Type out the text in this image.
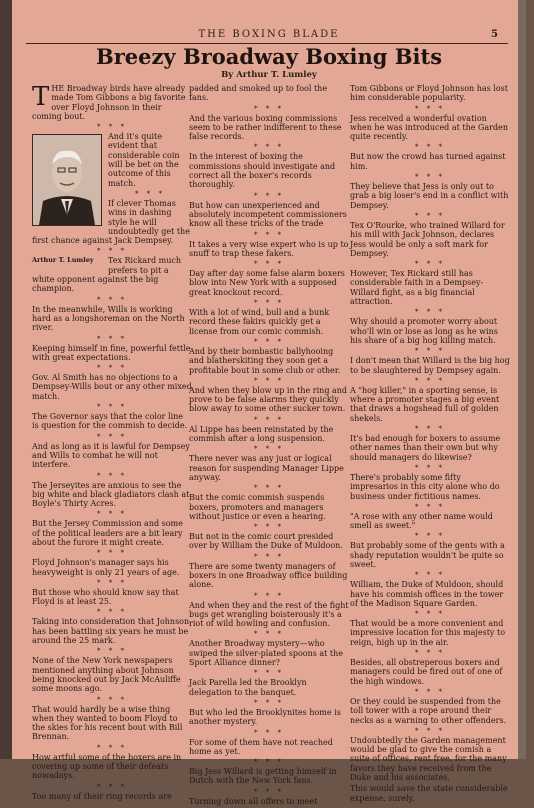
THE BOXING BLADE	5
Breezy Broadway Boxing Bits
By Arthur T. Lumley

THE Broadway birds have already made Tom Gibbons a big favorite over Floyd Johnson in their coming bout.

* * *

And it's quite evident that considerable coin will be bet on the outcome of this match.

* * *

If clever Thomas wins in dashing style he will undoubtedly get the first chance against Jack Dempsey.

* * *
Arthur T. Lumley	Tex Rickard much prefers to pit a white opponent against the big champion.

* * *

In the meanwhile, Wills is working hard as a longshoreman on the North river.

* * *

Keeping himself in fine, powerful fettle with great expectations.

* * *

Gov. Al Smith has no objections to a Dempsey-Wills bout or any other mixed match.

* * *

The Governor says that the color line is question for the commish to decide.

* * *

And as long as it is lawful for Dempsey and Wills to combat he will not interfere.

* * *

The Jerseyites are anxious to see the big white and black gladiators clash at Boyle's Thirty Acres.

* * *

But the Jersey Commission and some of the political leaders are a bit leary about the furore it might create.

* * *

Floyd Johnson's manager says his heavyweight is only 21 years of age.

* * *

But those who should know say that Floyd is at least 25.

* * *

Taking into consideration that Johnson has been battling six years he must be around the 25 mark.

* * *

None of the New York newspapers mentioned anything about Johnson being knocked out by Jack McAuliffe some moons ago.

* * *

That would hardly be a wise thing when they wanted to boom Floyd to the skies for his recent bout with Bill Brennan.

* * *

How artful some of the boxers are in covering up some of their defeats nowadays.

* * *

Too many of their ring records are

padded and smoked up to fool the fans.

* * *

And the various boxing commissions seem to be rather indifferent to these false records.

* * *

In the interest of boxing the commissions should investigate and correct all the boxer's records thoroughly.

* * *

But how can unexperienced and absolutely incompetent commissioners know all these tricks of the trade

* * *

It takes a very wise expert who is up to snuff to trap these fakers.

* * *

Day after day some false alarm boxers blow into New York with a supposed great knockout record.

* * *

With a lot of wind, bull and a bunk record these fakirs quickly get a license from our comic commish.

* * *

And by their bombastic ballyhooing and blatherskiting they soon get a profitable bout in some club or other.

* * *

And when they blow up in the ring and prove to be false alarms they quickly blow away to some other sucker town.

* * *

Al Lippe has been reinstated by the commish after a long suspension.

* * *

There never was any just or logical reason for suspending Manager Lippe anyway.

* * *

But the comic commish suspends boxers, promoters and managers without justice or even a hearing.

* * *

But not in the comic court presided over by William the Duke of Muldoon.

* * *

There are some twenty managers of boxers in one Broadway office building alone.

* * *

And when they and the rest of the fight bugs get wrangling boisterously it's a riot of wild howling and confusion.

* * *

Another Broadway mystery—who swiped the silver-plated spoons at the Sport Alliance dinner?

* * *

Jack Parella led the Brooklyn delegation to the banquet.

* * *

But who led the Brooklynites home is another mystery.

* * *

For some of them have not reached home as yet.

* * *

Big Jess Willard is getting himself in Dutch with the New York fans.

* * *

Turning down all offers to meet

Tom Gibbons or Floyd Johnson has lost him considerable popularity.

* * *

Jess received a wonderful ovation when he was introduced at the Garden quite recently.

* * *

But now the crowd has turned against him.

* * *

They believe that Jess is only out to grab a big loser's end in a conflict with Dempsey.

* * *

Tex O'Rourke, who trained Willard for his mill with Jack Johnson, declares Jess would be only a soft mark for Dempsey.

* * *

However, Tex Rickard still has considerable faith in a Dempsey-Willard fight, as a big financial attraction.

* * *

Why should a promoter worry about who'll win or lose as long as he wins his share of a big hog killing match.

* * *

I don't mean that Willard is the big hog to be slaughtered by Dempsey again.

* * *

A "hog killer," in a sporting sense, is where a promoter stages a big event that draws a hogshead full of golden shekels.

* * *

It's bad enough for boxers to assume other names than their own but why should managers do likewise?

* * *

There's probably some fifty impresarios in this city alone who do business under fictitious names.

* * *

"A rose with any other name would smell as sweet."

* * *

But probably some of the gents with a shady reputation wouldn't be quite so sweet.

* * *

William, the Duke of Muldoon, should have his commish offices in the tower of the Madison Square Garden.

* * *

That would be a more convenient and impressive location for this majesty to reign, high up in the air.

* * *

Besides, all obstreperous boxers and managers could be fired out of one of the high windows.

* * *

Or they could be suspended from the toll tower with a rope around their necks as a warning to other offenders.

* * *

Undoubtedly the Garden management would be glad to give the comish a suite of offices, rent free, for the many favors they have received from the Duke and his associates.

This would save the state considerable expense, surely.
